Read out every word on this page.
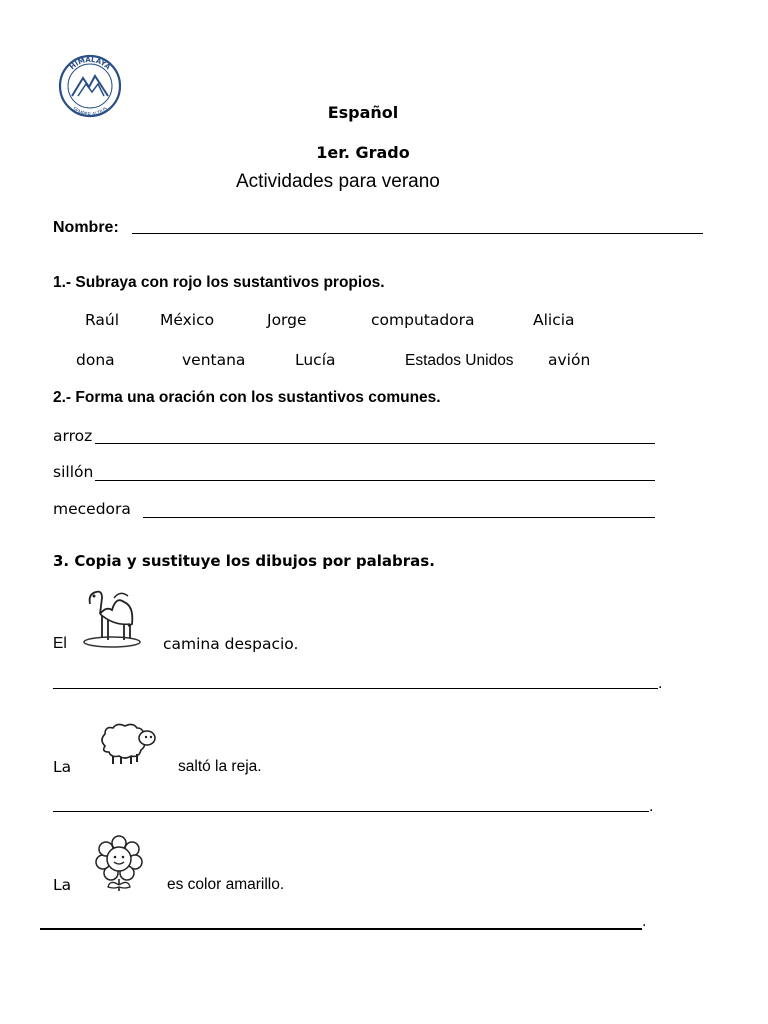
HIMALAYA
SEMPER ALTIUS	Español
1er. Grado
Actividades para verano
Nombre:
1.- Subraya con rojo los sustantivos propios.
Raúl	México	Jorge	computadora	Alicia
dona	ventana	Lucía	Estados Unidos avión
2.- Forma una oración con los sustantivos comunes.
arroz
sillón
mecedora
3. Copia y sustituye los dibujos por palabras.
El	camina despacio.
.
La	saltó la reja.
.
La	es color amarillo.
.
